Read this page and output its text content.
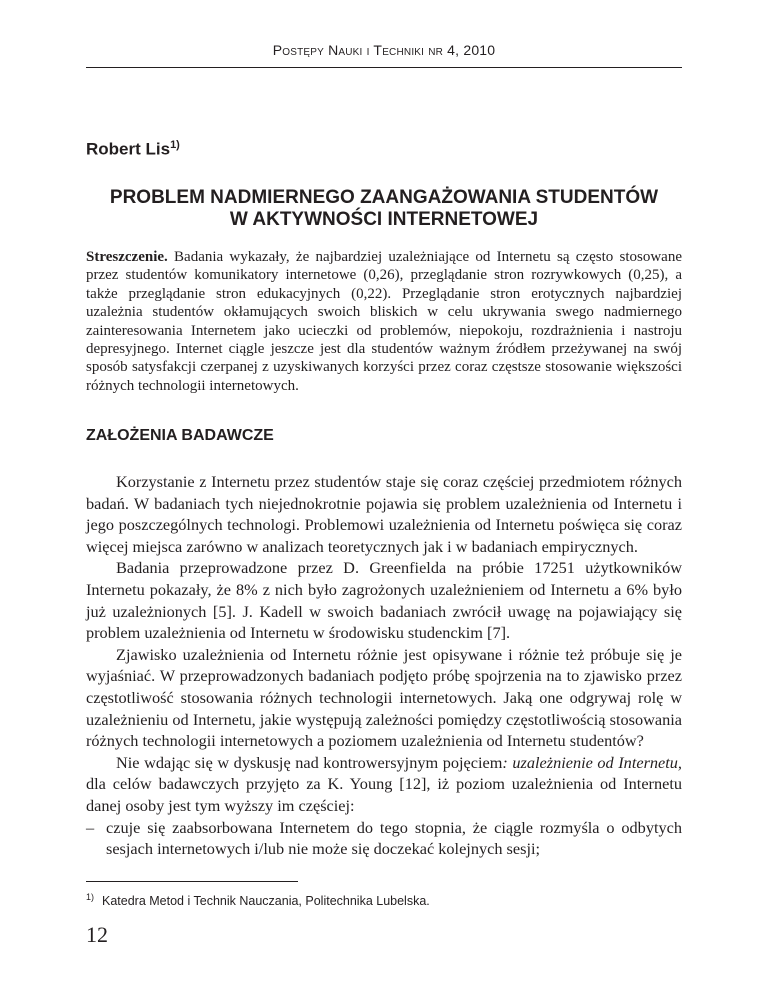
Postępy Nauki i Techniki nr 4, 2010
Robert Lis$^{1)}$
PROBLEM NADMIERNEGO ZAANGAŻOWANIA STUDENTÓW
W AKTYWNOŚCI INTERNETOWEJ
Streszczenie. Badania wykazały, że najbardziej uzależniające od Internetu są często stosowane przez studentów komunikatory internetowe (0,26), przeglądanie stron rozrywkowych (0,25), a także przeglądanie stron edukacyjnych (0,22). Przeglądanie stron erotycznych najbardziej uzależnia studentów okłamujących swoich bliskich w celu ukrywania swego nadmiernego zainteresowania Internetem jako ucieczki od problemów, niepokoju, rozdrażnienia i nastroju depresyjnego. Internet ciągle jeszcze jest dla studentów ważnym źródłem przeżywanej na swój sposób satysfakcji czerpanej z uzyskiwanych korzyści przez coraz częstsze stosowanie większości różnych technologii internetowych.
ZAŁOŻENIA BADAWCZE

Korzystanie z Internetu przez studentów staje się coraz częściej przedmiotem różnych badań. W badaniach tych niejednokrotnie pojawia się problem uzależnienia od Internetu i jego poszczególnych technologi. Problemowi uzależnienia od Internetu poświęca się coraz więcej miejsca zarówno w analizach teoretycznych jak i w badaniach empirycznych.

Badania przeprowadzone przez D. Greenfielda na próbie 17251 użytkowników Internetu pokazały, że 8% z nich było zagrożonych uzależnieniem od Internetu a 6% było już uzależnionych [5]. J. Kadell w swoich badaniach zwrócił uwagę na pojawiający się problem uzależnienia od Internetu w środowisku studenckim [7].

Zjawisko uzależnienia od Internetu różnie jest opisywane i różnie też próbuje się je wyjaśniać. W przeprowadzonych badaniach podjęto próbę spojrzenia na to zjawisko przez częstotliwość stosowania różnych technologii internetowych. Jaką one odgrywaj rolę w uzależnieniu od Internetu, jakie występują zależności pomiędzy częstotliwością stosowania różnych technologii internetowych a poziomem uzależnienia od Internetu studentów?

Nie wdając się w dyskusję nad kontrowersyjnym pojęciem: uzależnienie od Internetu, dla celów badawczych przyjęto za K. Young [12], iż poziom uzależnienia od Internetu danej osoby jest tym wyższy im częściej:

– czuje się zaabsorbowana Internetem do tego stopnia, że ciągle rozmyśla o odbytych sesjach internetowych i/lub nie może się doczekać kolejnych sesji;

$^{1)}$ Katedra Metod i Technik Nauczania, Politechnika Lubelska.
12
